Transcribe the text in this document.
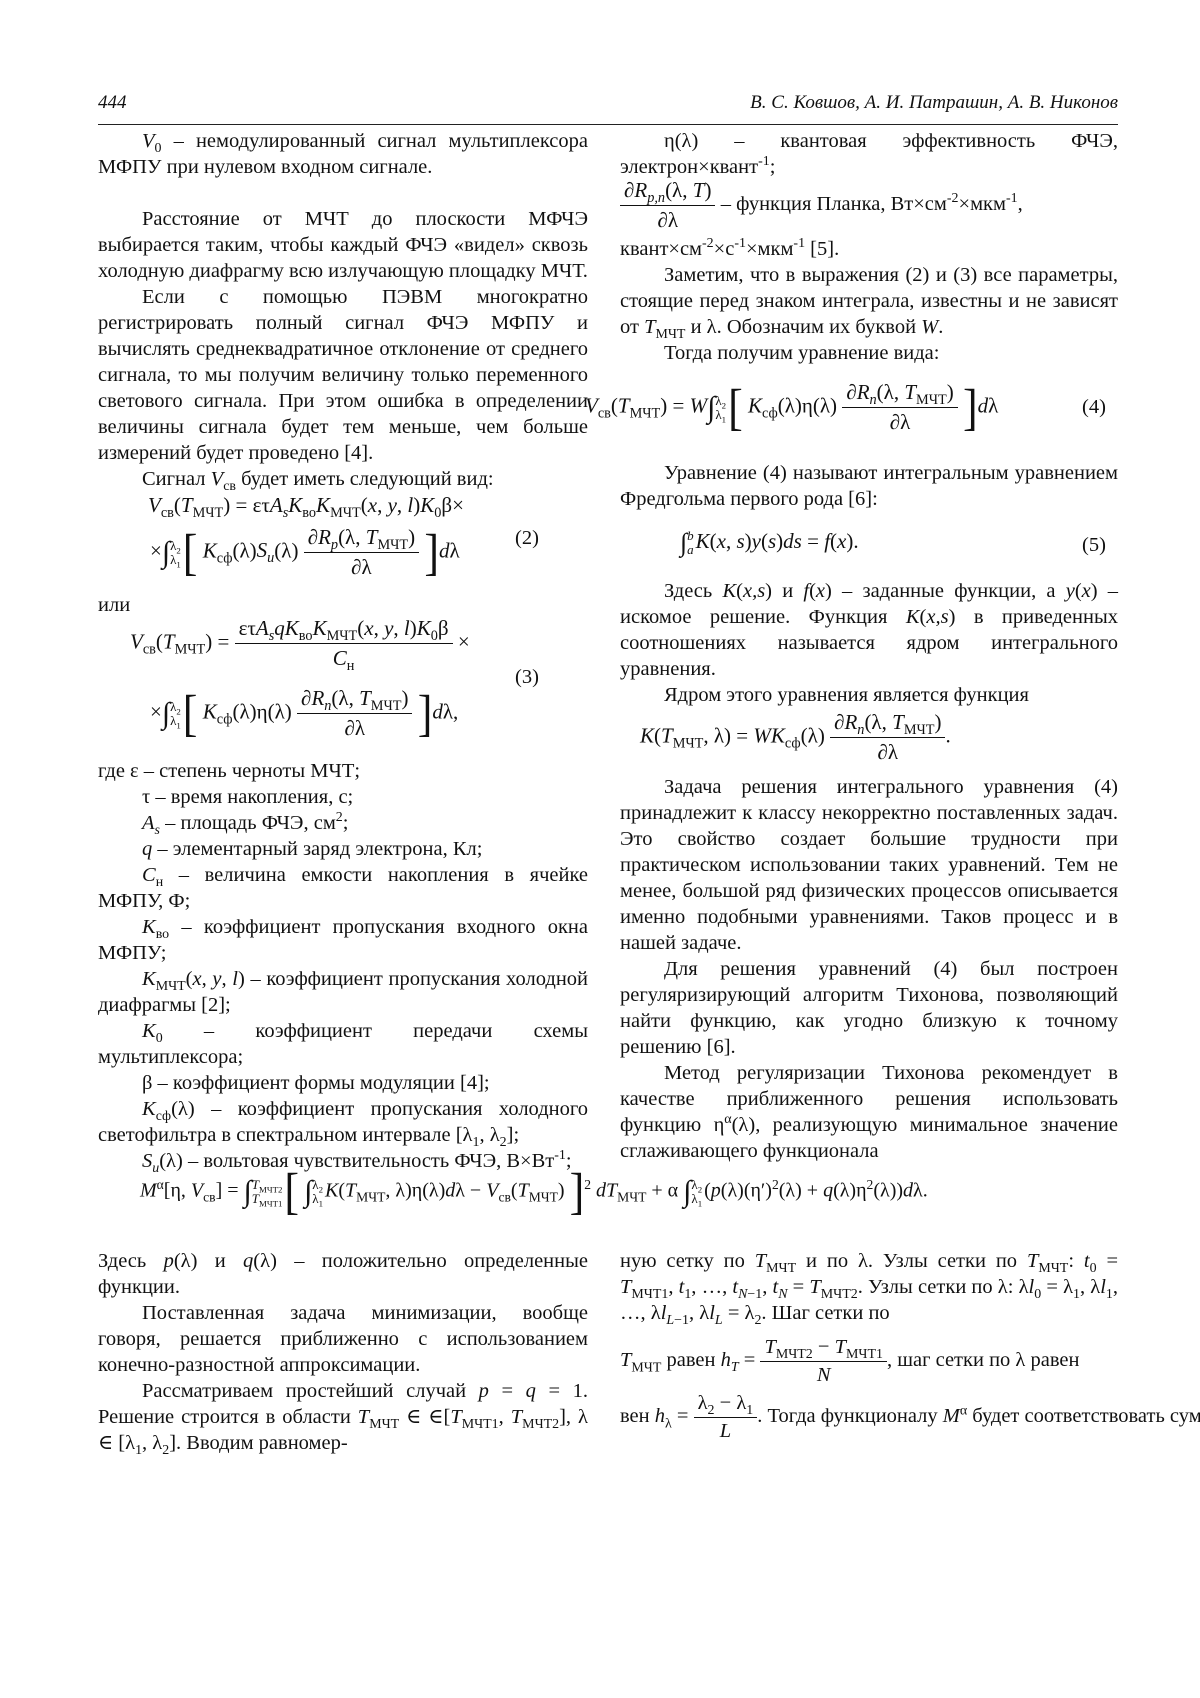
444	В. С. Ковшов, А. И. Патрашин, А. В. Никонов

V0 – немодулированный сигнал мультиплексора МФПУ при нулевом входном сигнале.

Расстояние от МЧТ до плоскости МФЧЭ выбирается таким, чтобы каждый ФЧЭ «видел» сквозь холодную диафрагму всю излучающую площадку МЧТ.

Если с помощью ПЭВМ многократно регистрировать полный сигнал ФЧЭ МФПУ и вычислять среднеквадратичное отклонение от среднего сигнала, то мы получим величину только переменного светового сигнала. При этом ошибка в определении величины сигнала будет тем меньше, чем больше измерений будет проведено [4].

Сигнал Vсв будет иметь следующий вид:

Vсв(TМЧТ) = ετAsKвоKМЧТ(x, y, l)K0β×
×∫λ2
λ1[ Kсф(λ)Su(λ)
∂Rp(λ, TМЧТ)
∂λ	]dλ
(2)

или

Vсв(TМЧТ) =
ετAsqKвоKМЧТ(x, y, l)K0β
Cн
×
×∫λ2
λ1[ Kсф(λ)η(λ)
∂Rn(λ, TМЧТ)
∂λ	]dλ,
(3)

где ε – степень черноты МЧТ;

τ – время накопления, с;

As – площадь ФЧЭ, см2;

q – элементарный заряд электрона, Кл;

Cн – величина емкости накопления в ячейке МФПУ, Ф;

Kво – коэффициент пропускания входного окна МФПУ;

KМЧТ(x, y, l) – коэффициент пропускания холодной диафрагмы [2];

K0 – коэффициент передачи схемы мультиплексора;

β – коэффициент формы модуляции [4];

Kсф(λ) – коэффициент пропускания холодного светофильтра в спектральном интервале [λ1, λ2];

Su(λ) – вольтовая чувствительность ФЧЭ, В×Вт-1;

η(λ) – квантовая эффективность ФЧЭ, электрон×квант-1;

∂Rp,n(λ, T)
∂λ
– функция Планка, Вт×см-2×мкм-1,

квант×см-2×с-1×мкм-1 [5].

Заметим, что в выражения (2) и (3) все параметры, стоящие перед знаком интеграла, известны и не зависят от TМЧТ и λ. Обозначим их буквой W.

Тогда получим уравнение вида:

Vсв(TМЧТ) = W∫λ2
λ1[ Kсф(λ)η(λ)
∂Rn(λ, TМЧТ)
∂λ	]dλ	(4)

Уравнение (4) называют интегральным уравнением Фредгольма первого рода [6]:

∫b
aK(x, s)y(s)ds = f(x).	(5)

Здесь K(x,s) и f(x) – заданные функции, а y(x) – искомое решение. Функция K(x,s) в приведенных соотношениях называется ядром интегрального уравнения.

Ядром этого уравнения является функция

K(TМЧТ, λ) = WKсф(λ)
∂Rn(λ, TМЧТ)
∂λ
.

Задача решения интегрального уравнения (4) принадлежит к классу некорректно поставленных задач. Это свойство создает большие трудности при практическом использовании таких уравнений. Тем не менее, большой ряд физических процессов описывается именно подобными уравнениями. Таков процесс и в нашей задаче.

Для решения уравнений (4) был построен регуляризирующий алгоритм Тихонова, позволяющий найти функцию, как угодно близкую к точному решению [6].

Метод регуляризации Тихонова рекомендует в качестве приближенного решения использовать функцию ηα(λ), реализующую минимальное значение сглаживающего функционала

Mα[η, Vсв] = ∫TМЧТ2
TМЧТ1[ ∫λ2
λ1K(TМЧТ, λ)η(λ)dλ − Vсв(TМЧТ) ]2 dTМЧТ + α ∫λ2
λ1(p(λ)(η′)2(λ) + q(λ)η2(λ))dλ.

Здесь p(λ) и q(λ) – положительно определенные функции.

Поставленная задача минимизации, вообще говоря, решается приближенно с использованием конечно-разностной аппроксимации.

Рассматриваем простейший случай p = q = 1. Решение строится в области TМЧТ ∈ ∈[TМЧТ1, TМЧТ2], λ ∈ [λ1, λ2]. Вводим равномер-

ную сетку по TМЧТ и по λ. Узлы сетки по TМЧТ: t0 = TМЧТ1, t1, …, tN−1, tN = TМЧТ2. Узлы сетки по λ: λl0 = λ1, λl1, …, λlL−1, λlL = λ2. Шаг сетки по

TМЧТ равен hT =
TМЧТ2 − TМЧТ1
N
, шаг сетки по λ равен
вен hλ =
λ2 − λ1
L
. Тогда функционалу Mα будет соответствовать сумма
